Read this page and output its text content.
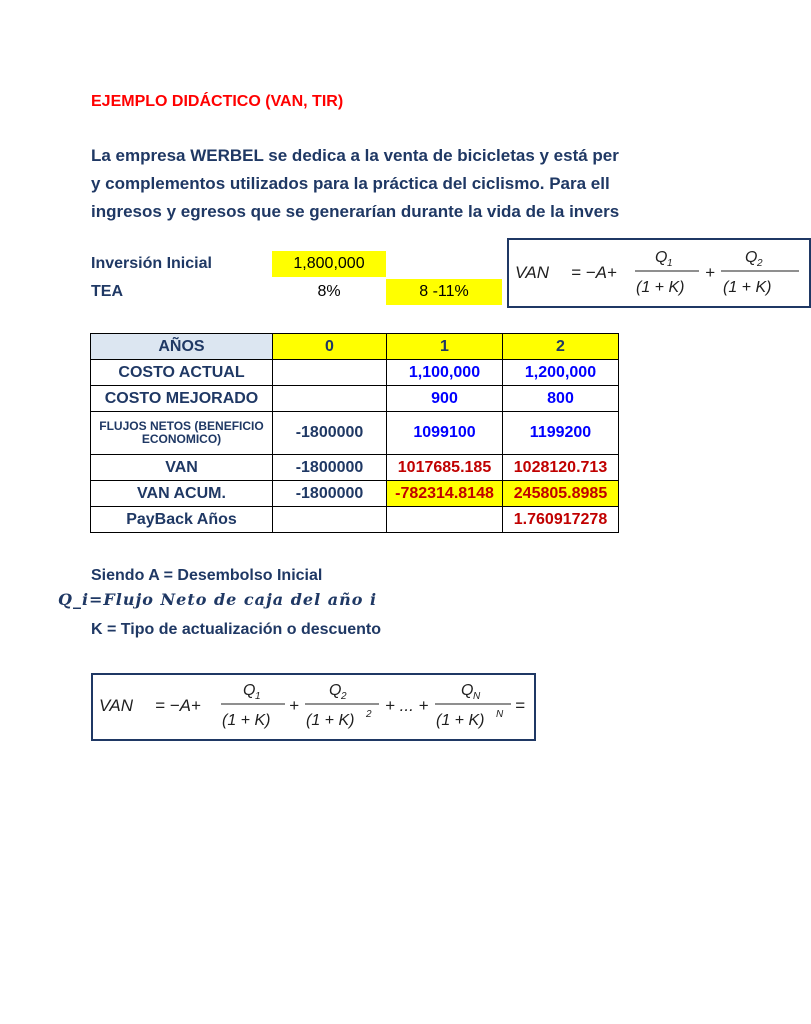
EJEMPLO DIDÁCTICO (VAN, TIR)
La empresa WERBEL se dedica a la venta de bicicletas y está per
y complementos utilizados para la práctica del ciclismo. Para ell
ingresos y egresos que se generarían durante la vida de la invers
Inversión Inicial	1,800,000
TEA	8%	8 -11%
VAN = −A+
Q 1
(1 + K)
+
Q 2
(1 + K)
AÑOS	0	1	2
COSTO ACTUAL		1,100,000	1,200,000
COSTO MEJORADO		900	800
FLUJOS NETOS (BENEFICIO ECONOMICO)	-1800000	1099100	1199200
VAN	-1800000	1017685.185	1028120.713
VAN ACUM.	-1800000	-782314.8148	245805.8985
PayBack Años			1.760917278
Siendo A = Desembolso Inicial
Q_i=Flujo Neto de caja del año i
K = Tipo de actualización o descuento
VAN = −A+
Q 1
(1 + K)
+
Q 2
(1 + K) 2 + ... +
Q N
(1 + K) N =
